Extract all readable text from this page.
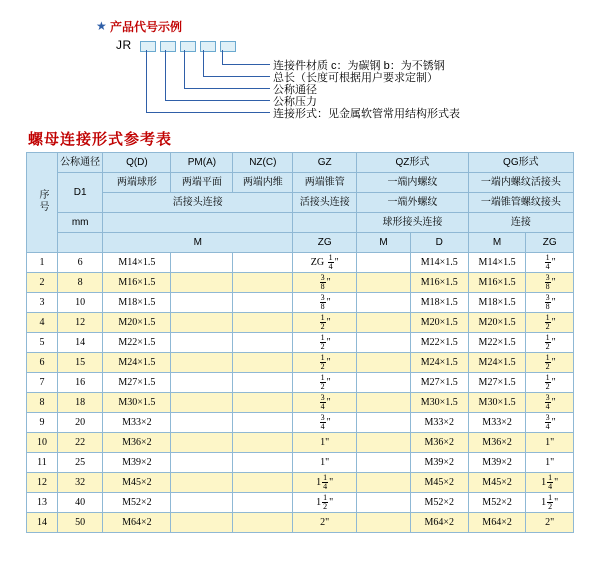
★ 产品代号示例
JR
连接件材质 c：为碳钢 b：为不锈钢
总长（长度可根据用户要求定制）
公称通径
公称压力
连接形式：见金属软管常用结构形式表
螺母连接形式参考表
序号	公称通径	Q(D)	PM(A)	NZ(C)	GZ	QZ形式		QG形式	
	D1	两端球形	两端平面	两端内维	两端锥管	一端内螺纹		一端内螺纹活接头	
		活接头连接			活接头连接	一端外螺纹		一端锥管螺纹接头	
	mm					球形接头连接		连接	
		M			ZG	M	D	M	ZG
1	6	M14×1.5			ZG $\frac{1}{4}$ "		M14×1.5	M14×1.5	$\frac{1}{4}$ "
2	8	M16×1.5			$\frac{3}{8}$ "		M16×1.5	M16×1.5	$\frac{3}{8}$ "
3	10	M18×1.5			$\frac{3}{8}$ "		M18×1.5	M18×1.5	$\frac{3}{8}$ "
4	12	M20×1.5			$\frac{1}{2}$ "		M20×1.5	M20×1.5	$\frac{1}{2}$ "
5	14	M22×1.5			$\frac{1}{2}$ "		M22×1.5	M22×1.5	$\frac{1}{2}$ "
6	15	M24×1.5			$\frac{1}{2}$ "		M24×1.5	M24×1.5	$\frac{1}{2}$ "
7	16	M27×1.5			$\frac{1}{2}$ "		M27×1.5	M27×1.5	$\frac{1}{2}$ "
8	18	M30×1.5			$\frac{3}{4}$ "		M30×1.5	M30×1.5	$\frac{3}{4}$ "
9	20	M33×2			$\frac{3}{4}$ "		M33×2	M33×2	$\frac{3}{4}$ "
10	22	M36×2			1"		M36×2	M36×2	1"
11	25	M39×2			1"		M39×2	M39×2	1"
12	32	M45×2			$1 \frac{1}{4}$ "		M45×2	M45×2	$1 \frac{1}{4}$ "
13	40	M52×2			$1 \frac{1}{2}$ "		M52×2	M52×2	$1 \frac{1}{2}$ "
14	50	M64×2			2"		M64×2	M64×2	2"
